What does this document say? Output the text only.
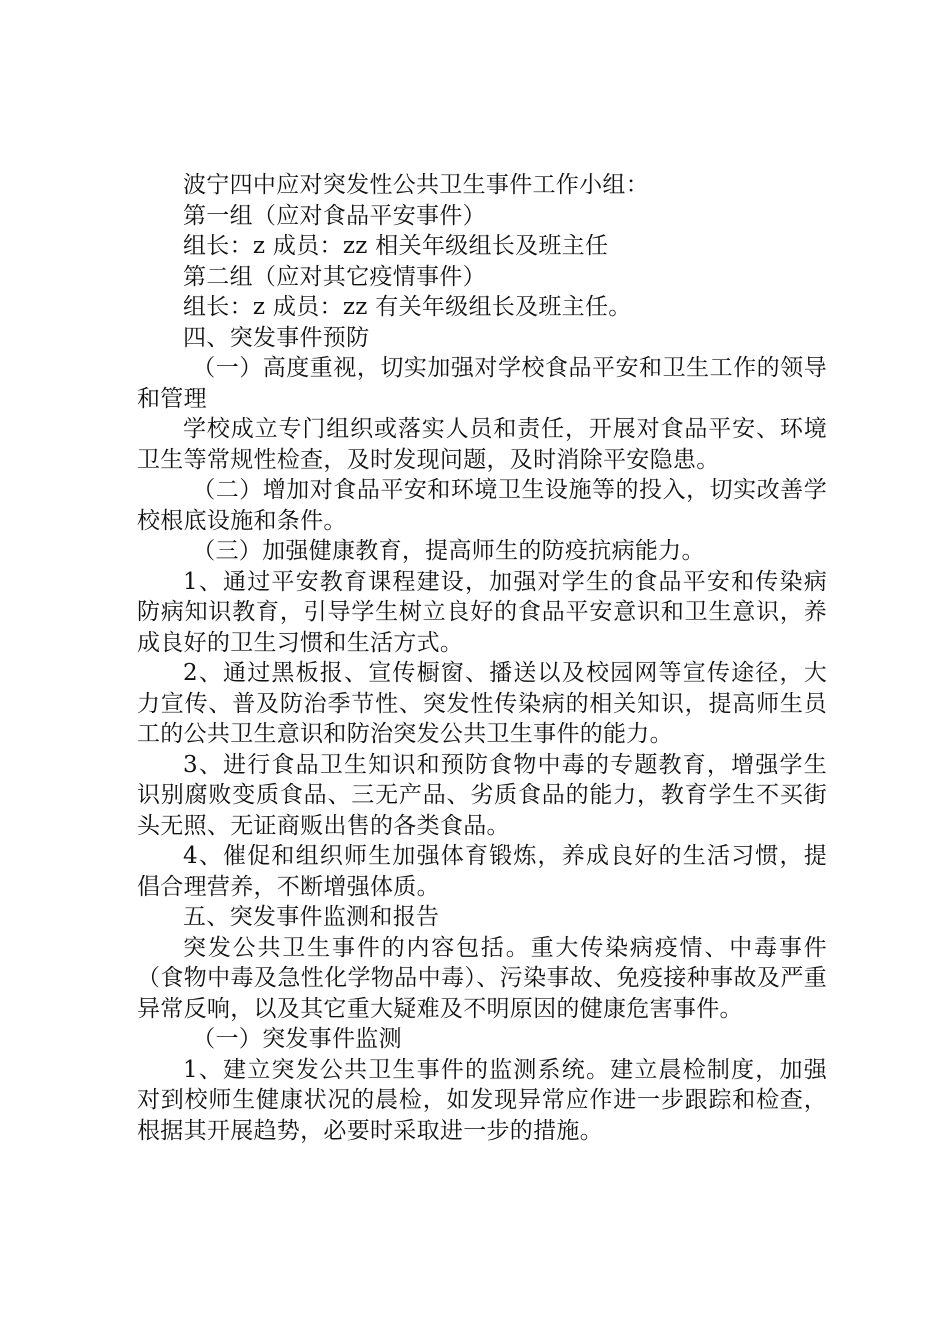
波宁四中应对突发性公共卫生事件工作小组：

第一组（应对食品平安事件）

组长：z 成员：zz 相关年级组长及班主任

第二组（应对其它疫情事件）

组长：z 成员：zz 有关年级组长及班主任。

四、突发事件预防

（一）高度重视，切实加强对学校食品平安和卫生工作的领导和管理

学校成立专门组织或落实人员和责任，开展对食品平安、环境卫生等常规性检查，及时发现问题，及时消除平安隐患。

（二）增加对食品平安和环境卫生设施等的投入，切实改善学校根底设施和条件。

（三）加强健康教育，提高师生的防疫抗病能力。

1、通过平安教育课程建设，加强对学生的食品平安和传染病防病知识教育，引导学生树立良好的食品平安意识和卫生意识，养成良好的卫生习惯和生活方式。

2、通过黑板报、宣传橱窗、播送以及校园网等宣传途径，大力宣传、普及防治季节性、突发性传染病的相关知识，提高师生员工的公共卫生意识和防治突发公共卫生事件的能力。

3、进行食品卫生知识和预防食物中毒的专题教育，增强学生识别腐败变质食品、三无产品、劣质食品的能力，教育学生不买街头无照、无证商贩出售的各类食品。

4、催促和组织师生加强体育锻炼，养成良好的生活习惯，提倡合理营养，不断增强体质。

五、突发事件监测和报告

突发公共卫生事件的内容包括。重大传染病疫情、中毒事件（食物中毒及急性化学物品中毒）、污染事故、免疫接种事故及严重异常反响，以及其它重大疑难及不明原因的健康危害事件。

（一）突发事件监测

1、建立突发公共卫生事件的监测系统。建立晨检制度，加强对到校师生健康状况的晨检，如发现异常应作进一步跟踪和检查，根据其开展趋势，必要时采取进一步的措施。
